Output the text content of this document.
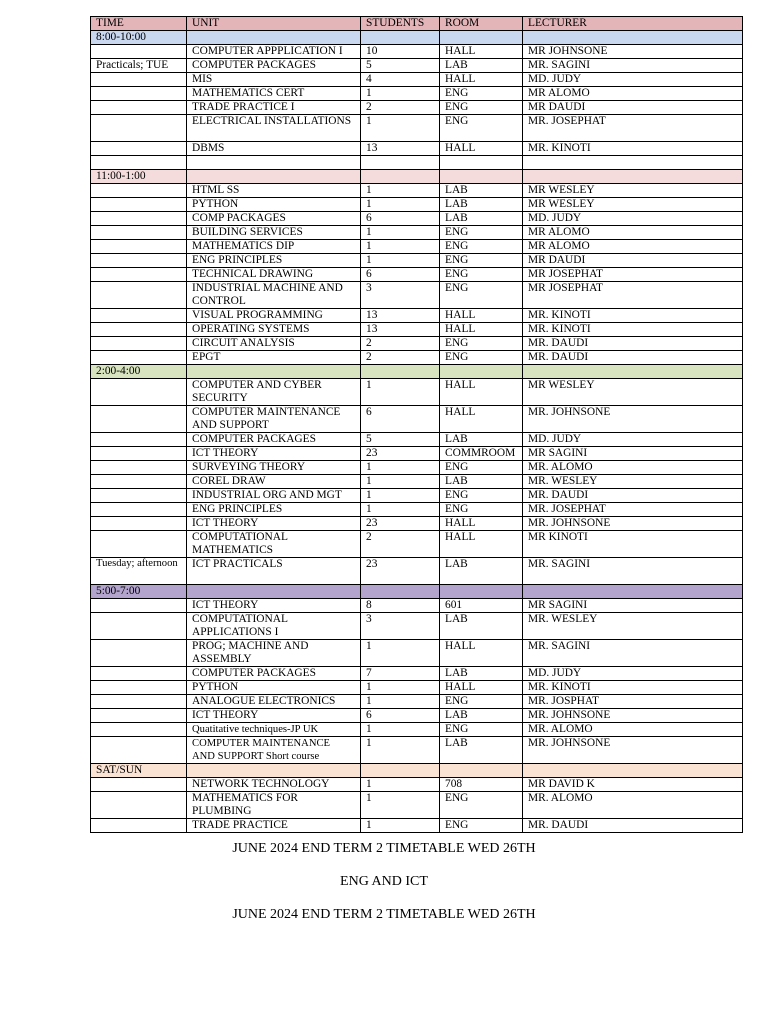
TIME	UNIT	STUDENTS	ROOM	LECTURER
8:00-10:00				
	COMPUTER APPPLICATION I	10	HALL	MR JOHNSONE
Practicals; TUE	COMPUTER PACKAGES	5	LAB	MR. SAGINI
	MIS	4	HALL	MD. JUDY
	MATHEMATICS CERT	1	ENG	MR ALOMO
	TRADE PRACTICE I	2	ENG	MR DAUDI
	ELECTRICAL INSTALLATIONS	1	ENG	MR. JOSEPHAT
	DBMS	13	HALL	MR. KINOTI

11:00-1:00				
	HTML SS	1	LAB	MR WESLEY
	PYTHON	1	LAB	MR WESLEY
	COMP PACKAGES	6	LAB	MD. JUDY
	BUILDING SERVICES	1	ENG	MR ALOMO
	MATHEMATICS DIP	1	ENG	MR ALOMO
	ENG PRINCIPLES	1	ENG	MR DAUDI
	TECHNICAL DRAWING	6	ENG	MR JOSEPHAT
	INDUSTRIAL MACHINE AND CONTROL	3	ENG	MR JOSEPHAT
	VISUAL PROGRAMMING	13	HALL	MR. KINOTI
	OPERATING SYSTEMS	13	HALL	MR. KINOTI
	CIRCUIT ANALYSIS	2	ENG	MR. DAUDI
	EPGT	2	ENG	MR. DAUDI
2:00-4:00				
	COMPUTER AND CYBER SECURITY	1	HALL	MR WESLEY
	COMPUTER MAINTENANCE AND SUPPORT	6	HALL	MR. JOHNSONE
	COMPUTER PACKAGES	5	LAB	MD. JUDY
	ICT THEORY	23	COMMROOM	MR SAGINI
	SURVEYING THEORY	1	ENG	MR. ALOMO
	COREL DRAW	1	LAB	MR. WESLEY
	INDUSTRIAL ORG AND MGT	1	ENG	MR. DAUDI
	ENG PRINCIPLES	1	ENG	MR. JOSEPHAT
	ICT THEORY	23	HALL	MR. JOHNSONE
	COMPUTATIONAL MATHEMATICS	2	HALL	MR KINOTI
Tuesday; afternoon	ICT PRACTICALS	23	LAB	MR. SAGINI
5:00-7:00				
	ICT THEORY	8	601	MR SAGINI
	COMPUTATIONAL APPLICATIONS I	3	LAB	MR. WESLEY
	PROG; MACHINE AND ASSEMBLY	1	HALL	MR. SAGINI
	COMPUTER PACKAGES	7	LAB	MD. JUDY
	PYTHON	1	HALL	MR. KINOTI
	ANALOGUE ELECTRONICS	1	ENG	MR. JOSPHAT
	ICT THEORY	6	LAB	MR. JOHNSONE
	Quatitative techniques-JP UK	1	ENG	MR. ALOMO
	COMPUTER MAINTENANCE AND SUPPORT Short course	1	LAB	MR. JOHNSONE
SAT/SUN				
	NETWORK TECHNOLOGY	1	708	MR DAVID K
	MATHEMATICS FOR PLUMBING	1	ENG	MR. ALOMO
	TRADE PRACTICE	1	ENG	MR. DAUDI
JUNE 2024 END TERM 2 TIMETABLE WED 26TH
ENG AND ICT
JUNE 2024 END TERM 2 TIMETABLE WED 26TH
